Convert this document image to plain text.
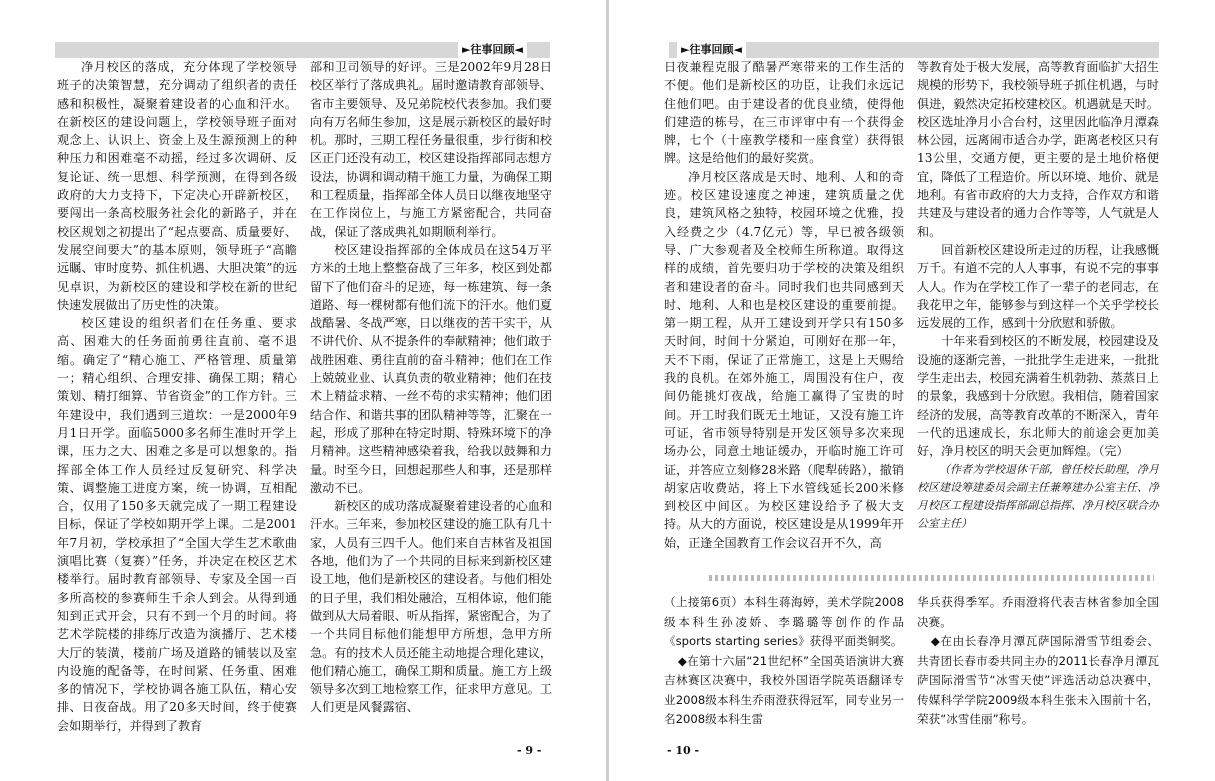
►往事回顾◄

净月校区的落成，充分体现了学校领导班子的决策智慧，充分调动了组织者的责任感和积极性，凝聚着建设者的心血和汗水。在新校区的建设问题上，学校领导班子面对观念上、认识上、资金上及生源预测上的种种压力和困难毫不动摇，经过多次调研、反复论证、统一思想、科学预测，在得到各级政府的大力支持下，下定决心开辟新校区，要闯出一条高校服务社会化的新路子，并在校区规划之初提出了“起点要高、质量要好、发展空间要大”的基本原则，领导班子“高瞻远瞩、审时度势、抓住机遇、大胆决策”的远见卓识，为新校区的建设和学校在新的世纪快速发展做出了历史性的决策。

校区建设的组织者们在任务重、要求高、困难大的任务面前勇往直前、毫不退缩。确定了“精心施工、严格管理、质量第一；精心组织、合理安排、确保工期；精心策划、精打细算、节省资金”的工作方针。三年建设中，我们遇到三道坎：一是2000年9月1日开学。面临5000多名师生准时开学上课，压力之大、困难之多是可以想象的。指挥部全体工作人员经过反复研究、科学决策、调整施工进度方案，统一协调，互相配合，仅用了150多天就完成了一期工程建设目标，保证了学校如期开学上课。二是2001年7月初，学校承担了“全国大学生艺术歌曲演唱比赛（复赛）”任务，并决定在校区艺术楼举行。届时教育部领导、专家及全国一百多所高校的参赛师生千余人到会。从得到通知到正式开会，只有不到一个月的时间。将艺术学院楼的排练厅改造为演播厅、艺术楼大厅的装潢，楼前广场及道路的铺装以及室内设施的配备等，在时间紧、任务重、困难多的情况下，学校协调各施工队伍，精心安排、日夜奋战。用了20多天时间，终于使赛会如期举行，并得到了教育

部和卫司领导的好评。三是2002年9月28日校区举行了落成典礼。届时邀请教育部领导、省市主要领导、及兄弟院校代表参加。我们要向有万名师生参加，这是展示新校区的最好时机。那时，三期工程任务量很重，步行街和校区正门还没有动工，校区建设指挥部同志想方设法，协调和调动精干施工力量，为确保工期和工程质量，指挥部全体人员日以继夜地坚守在工作岗位上，与施工方紧密配合，共同奋战，保证了落成典礼如期顺利举行。

校区建设指挥部的全体成员在这54万平方米的土地上整整奋战了三年多，校区到处都留下了他们奋斗的足迹，每一栋建筑、每一条道路、每一棵树都有他们流下的汗水。他们夏战酷暑、冬战严寒，日以继夜的苦干实干，从不讲代价、从不提条件的奉献精神；他们敢于战胜困难、勇往直前的奋斗精神；他们在工作上兢兢业业、认真负责的敬业精神；他们在技术上精益求精、一丝不苟的求实精神；他们团结合作、和谐共事的团队精神等等，汇聚在一起，形成了那种在特定时期、特殊环境下的净月精神。这些精神感染着我，给我以鼓舞和力量。时至今日，回想起那些人和事，还是那样激动不已。

新校区的成功落成凝聚着建设者的心血和汗水。三年来，参加校区建设的施工队有几十家，人员有三四千人。他们来自吉林省及祖国各地，他们为了一个共同的目标来到新校区建设工地，他们是新校区的建设者。与他们相处的日子里，我们相处融洽，互相体谅，他们能做到从大局着眼、听从指挥，紧密配合，为了一个共同目标他们能想甲方所想，急甲方所急。有的技术人员还能主动地提合理化建议，他们精心施工，确保工期和质量。施工方上级领导多次到工地检察工作，征求甲方意见。工人们更是风餐露宿、

- 9 -
►往事回顾◄

日夜兼程克服了酷暑严寒带来的工作生活的不便。他们是新校区的功臣，让我们永远记住他们吧。由于建设者的优良业绩，使得他们建造的栋号，在三市评审中有一个获得金牌，七个（十座教学楼和一座食堂）获得银牌。这是给他们的最好奖赏。

净月校区落成是天时、地利、人和的奇迹。校区建设速度之神速，建筑质量之优良，建筑风格之独特，校园环境之优雅，投入经费之少（4.7亿元）等，早已被各级领导、广大参观者及全校师生所称道。取得这样的成绩，首先要归功于学校的决策及组织者和建设者的奋斗。同时我们也共同感到天时、地利、人和也是校区建设的重要前提。第一期工程，从开工建设到开学只有150多天时间，时间十分紧迫，可刚好在那一年，天不下雨，保证了正常施工，这是上天赐给我的良机。在郊外施工，周围没有住户，夜间仍能挑灯夜战，给施工赢得了宝贵的时间。开工时我们既无土地证，又没有施工许可证，省市领导特别是开发区领导多次来现场办公，同意土地证缓办，开临时施工许可证，并答应立刻修28米路（爬犁砖路），撤销胡家店收费站，将上下水管线延长200米修到校区中间区。为校区建设给予了极大支持。从大的方面说，校区建设是从1999年开始，正逢全国教育工作会议召开不久，高

等教育处于极大发展，高等教育面临扩大招生规模的形势下，我校领导班子抓住机遇，与时俱进，毅然决定拓校建校区。机遇就是天时。校区选址净月小合台村，这里因此临净月潭森林公园，远离闹市适合办学，距离老校区只有13公里，交通方便，更主要的是土地价格便宜，降低了工程造价。所以环境、地价、就是地利。有省市政府的大力支持，合作双方和谐共建及与建设者的通力合作等等，人气就是人和。

回首新校区建设所走过的历程，让我感慨万千。有道不完的人人事事，有说不完的事事人人。作为在学校工作了一辈子的老同志，在我花甲之年，能够参与到这样一个关乎学校长远发展的工作，感到十分欣慰和骄傲。

十年来看到校区的不断发展，校园建设及设施的逐渐完善，一批批学生走进来，一批批学生走出去，校园充满着生机勃勃、蒸蒸日上的景象，我感到十分欣慰。我相信，随着国家经济的发展，高等教育改革的不断深入，青年一代的迅速成长，东北师大的前途会更加美好，净月校区的明天会更加辉煌。（完）

（作者为学校退休干部，曾任校长助理，净月校区建设筹建委员会副主任兼筹建办公室主任、净月校区工程建设指挥部副总指挥、净月校区联合办公室主任）

（上接第6页）本科生蒋海婷，美术学院2008级本科生孙凌娇、李璐璐等创作的作品《sports starting series》获得平面类铜奖。

◆在第十六届“21世纪杯”全国英语演讲大赛吉林赛区决赛中，我校外国语学院英语翻译专业2008级本科生乔雨澄获得冠军，同专业另一名2008级本科生雷

华兵获得季军。乔雨澄将代表吉林省参加全国决赛。

◆在由长春净月潭瓦萨国际滑雪节组委会、共青团长春市委共同主办的2011长春净月潭瓦萨国际滑雪节“冰雪天使”评选活动总决赛中，传媒科学学院2009级本科生张未入围前十名，荣获“冰雪佳丽”称号。

- 10 -
